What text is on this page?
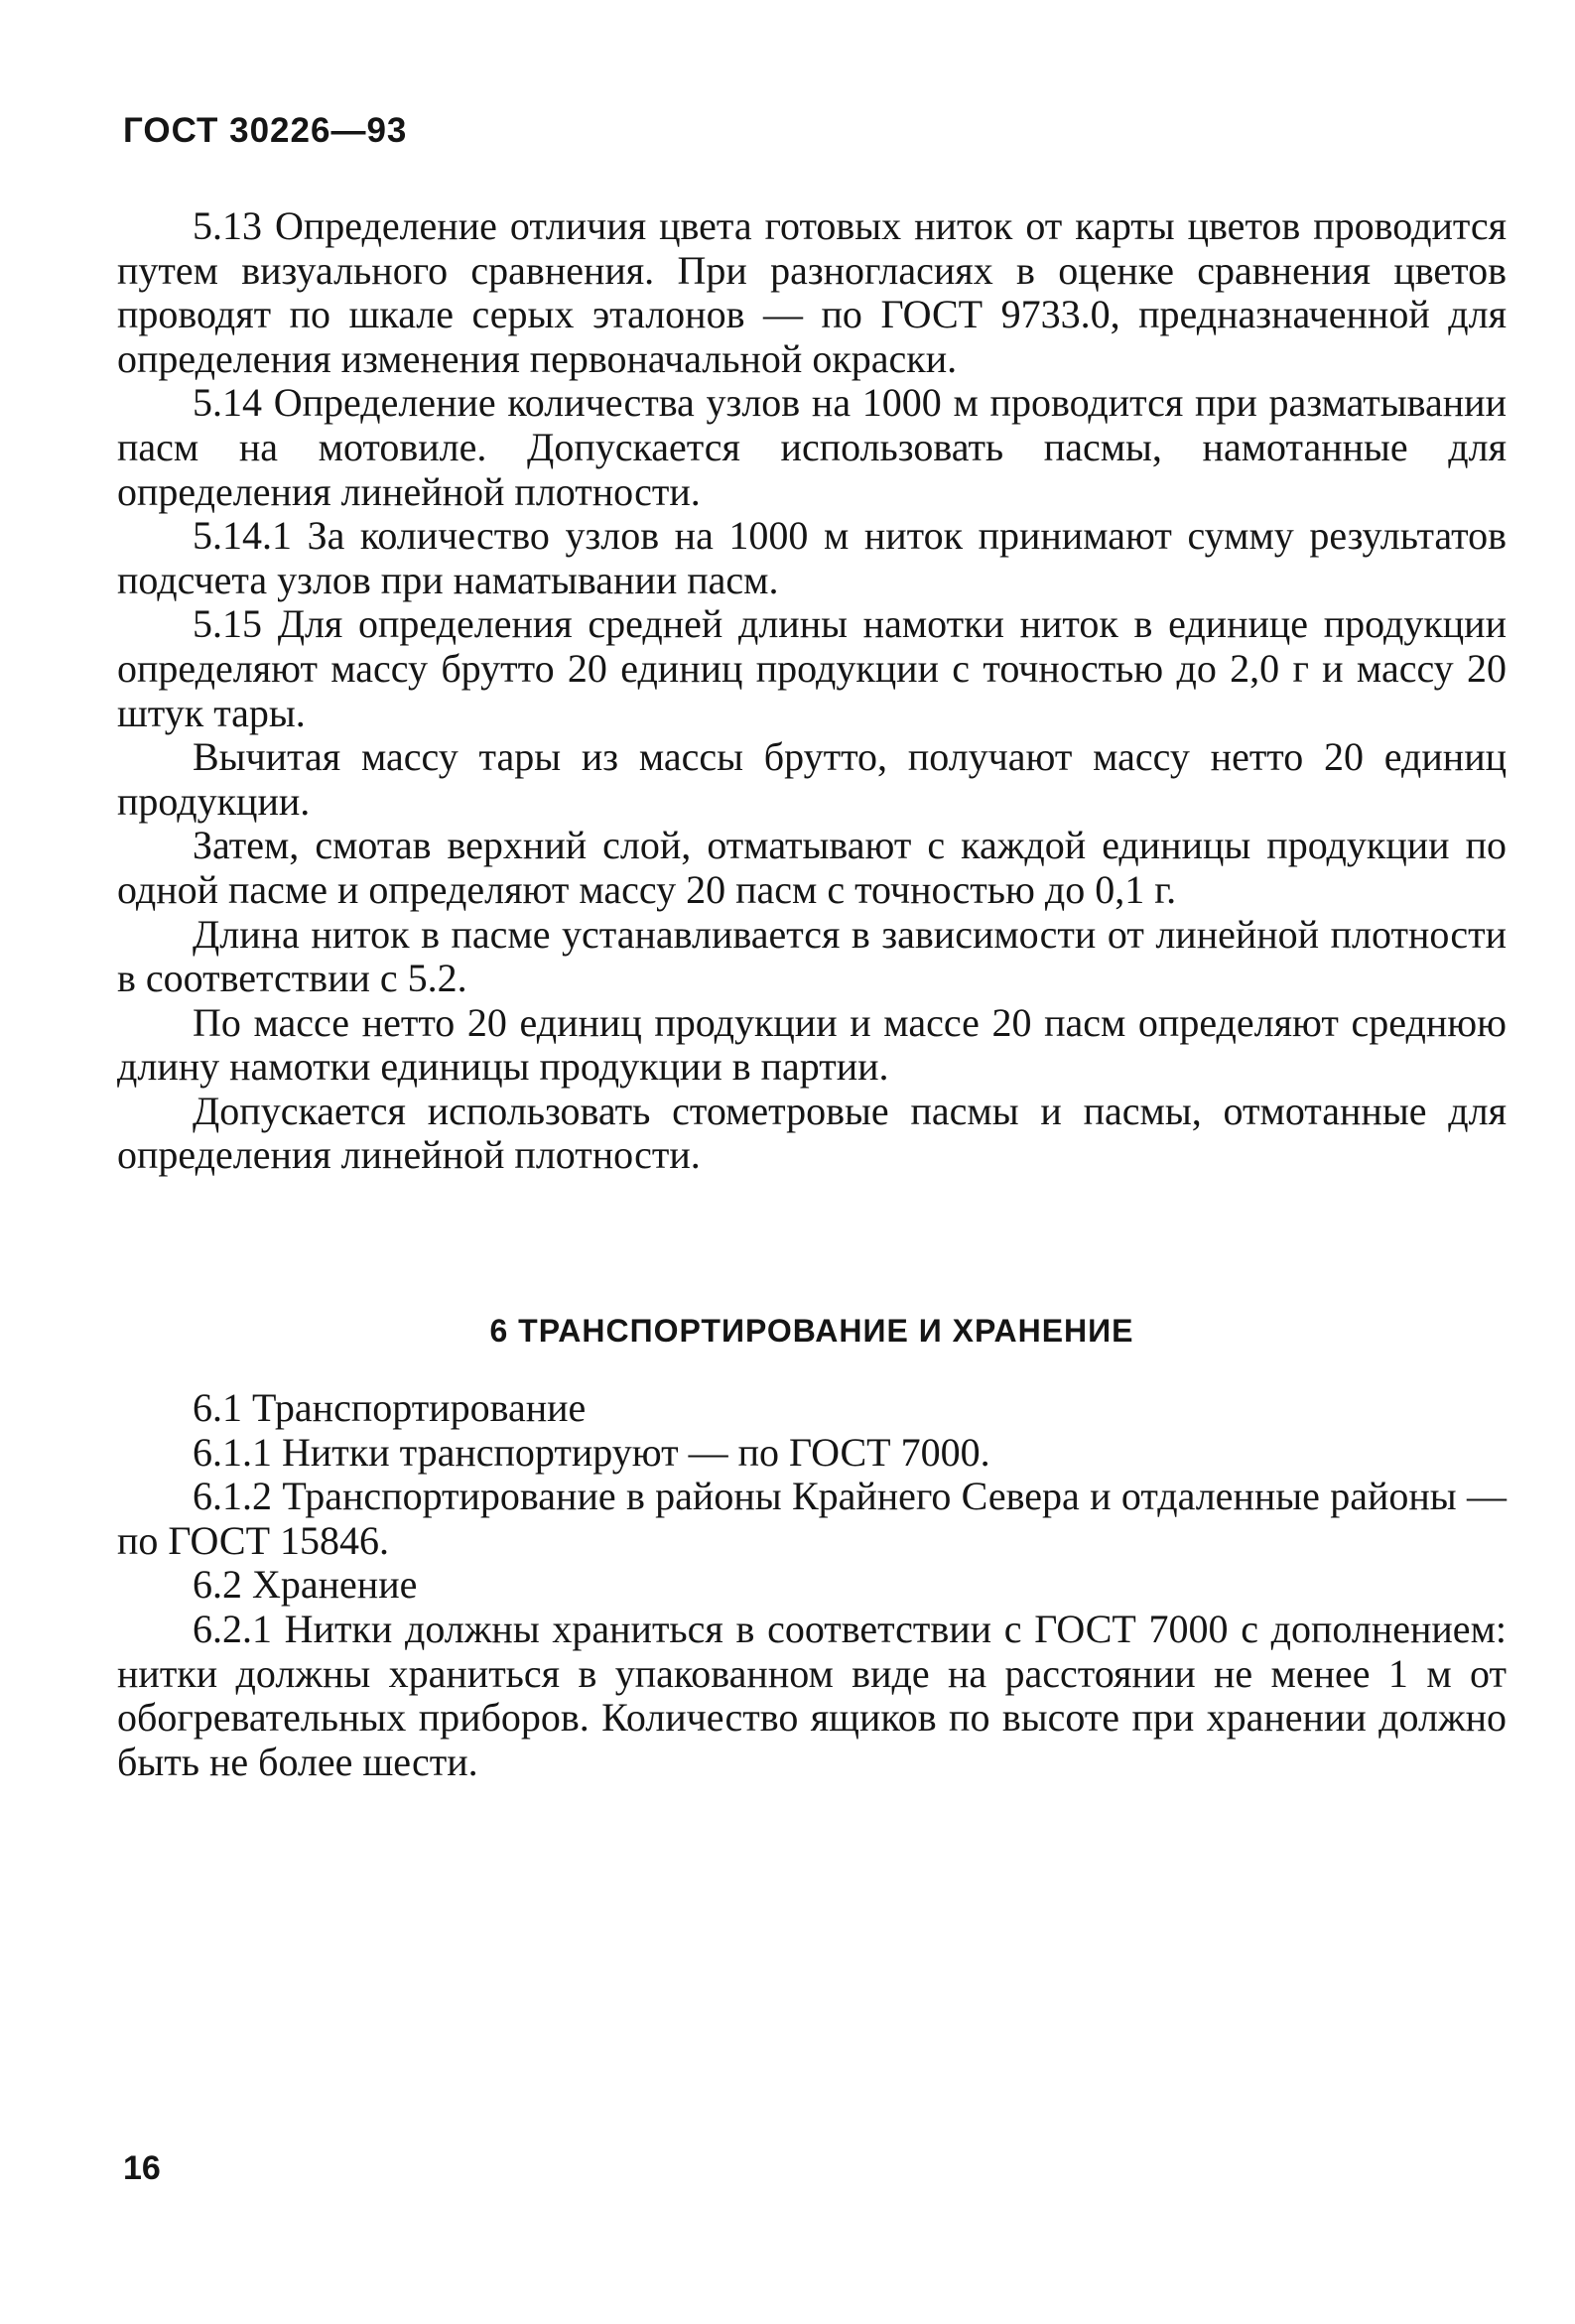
ГОСТ 30226—93

5.13 Определение отличия цвета готовых ниток от карты цветов проводится путем визуального сравнения. При разногласиях в оценке сравнения цветов проводят по шкале серых эталонов — по ГОСТ 9733.0, предназначенной для определения изменения первоначальной окраски.

5.14 Определение количества узлов на 1000 м проводится при разматывании пасм на мотовиле. Допускается использовать пасмы, намотанные для определения линейной плотности.

5.14.1 За количество узлов на 1000 м ниток принимают сумму результатов подсчета узлов при наматывании пасм.

5.15 Для определения средней длины намотки ниток в единице продукции определяют массу брутто 20 единиц продукции с точностью до 2,0 г и массу 20 штук тары.

Вычитая массу тары из массы брутто, получают массу нетто 20 единиц продукции.

Затем, смотав верхний слой, отматывают с каждой единицы продукции по одной пасме и определяют массу 20 пасм с точностью до 0,1 г.

Длина ниток в пасме устанавливается в зависимости от линейной плотности в соответствии с 5.2.

По массе нетто 20 единиц продукции и массе 20 пасм определяют среднюю длину намотки единицы продукции в партии.

Допускается использовать стометровые пасмы и пасмы, отмотанные для определения линейной плотности.

6 ТРАНСПОРТИРОВАНИЕ И ХРАНЕНИЕ

6.1 Транспортирование

6.1.1 Нитки транспортируют — по ГОСТ 7000.

6.1.2 Транспортирование в районы Крайнего Севера и отдаленные районы — по ГОСТ 15846.

6.2 Хранение

6.2.1 Нитки должны храниться в соответствии с ГОСТ 7000 с дополнением: нитки должны храниться в упакованном виде на расстоянии не менее 1 м от обогревательных приборов. Количество ящиков по высоте при хранении должно быть не более шести.

16
